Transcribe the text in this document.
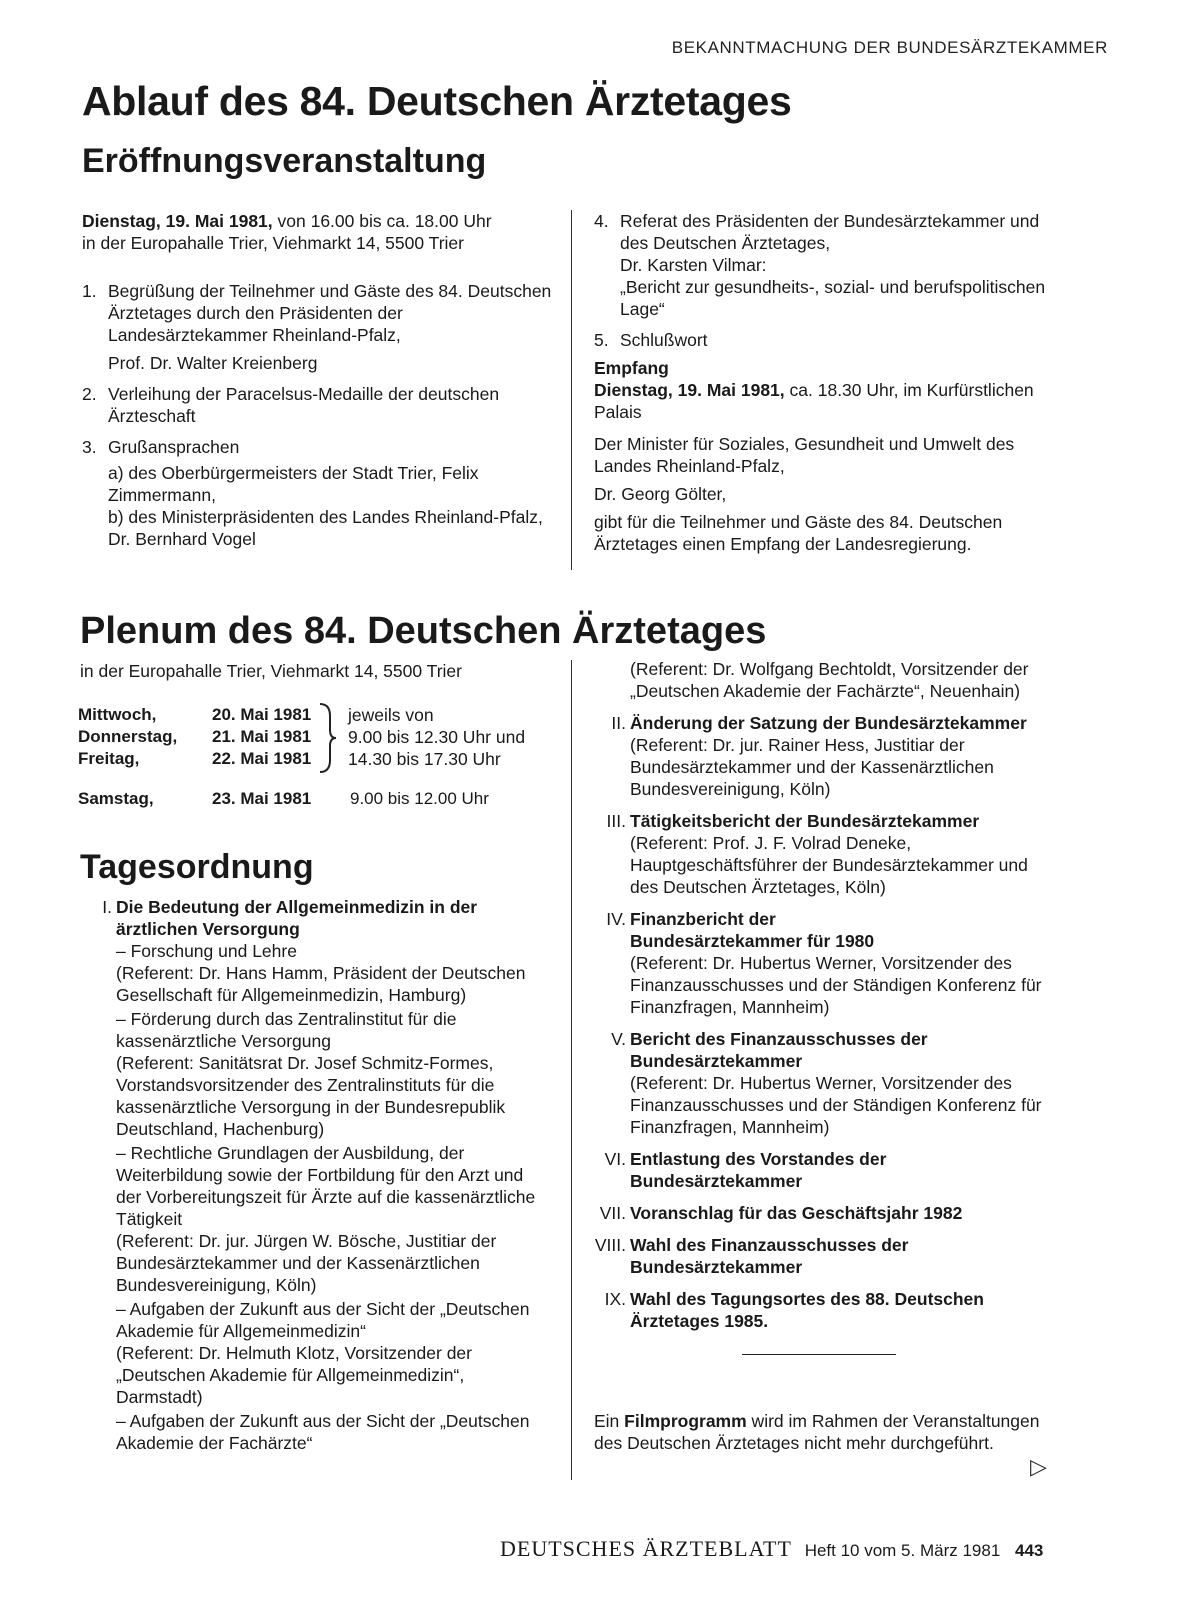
BEKANNTMACHUNG DER BUNDESÄRZTEKAMMER
Ablauf des 84. Deutschen Ärztetages
Eröffnungsveranstaltung

Dienstag, 19. Mai 1981, von 16.00 bis ca. 18.00 Uhr

in der Europahalle Trier, Viehmarkt 14, 5500 Trier

1. Begrüßung der Teilnehmer und Gäste des 84. Deutschen Ärztetages durch den Präsidenten der Landesärztekammer Rheinland-Pfalz,

Prof. Dr. Walter Kreienberg

2. Verleihung der Paracelsus-Medaille der deutschen Ärzteschaft

3. Grußansprachen

a) des Oberbürgermeisters der Stadt Trier, Felix Zimmermann,

b) des Ministerpräsidenten des Landes Rheinland-Pfalz,

Dr. Bernhard Vogel

4. Referat des Präsidenten der Bundesärztekammer und des Deutschen Ärztetages,

Dr. Karsten Vilmar:

„Bericht zur gesundheits-, sozial- und berufspolitischen Lage“

5. Schlußwort

Empfang

Dienstag, 19. Mai 1981, ca. 18.30 Uhr, im Kurfürstlichen Palais

Der Minister für Soziales, Gesundheit und Umwelt des Landes Rheinland-Pfalz,

Dr. Georg Gölter,

gibt für die Teilnehmer und Gäste des 84. Deutschen Ärztetages einen Empfang der Landesregierung.

Plenum des 84. Deutschen Ärztetages

in der Europahalle Trier, Viehmarkt 14, 5500 Trier

Mittwoch,	20. Mai 1981
Donnerstag,	21. Mai 1981
Freitag,	22. Mai 1981

jeweils von

9.00 bis 12.30 Uhr und

14.30 bis 17.30 Uhr

Samstag,	23. Mai 1981	9.00 bis 12.00 Uhr
Tagesordnung
I. Die Bedeutung der Allgemeinmedizin in der ärztlichen Versorgung

– Forschung und Lehre

(Referent: Dr. Hans Hamm, Präsident der Deutschen Gesellschaft für Allgemeinmedizin, Hamburg)

– Förderung durch das Zentralinstitut für die kassenärztliche Versorgung

(Referent: Sanitätsrat Dr. Josef Schmitz-Formes, Vorstandsvorsitzender des Zentralinstituts für die kassenärztliche Versorgung in der Bundesrepublik Deutschland, Hachenburg)

– Rechtliche Grundlagen der Ausbildung, der Weiterbildung sowie der Fortbildung für den Arzt und der Vorbereitungszeit für Ärzte auf die kassenärztliche Tätigkeit

(Referent: Dr. jur. Jürgen W. Bösche, Justitiar der Bundesärztekammer und der Kassenärztlichen Bundesvereinigung, Köln)

– Aufgaben der Zukunft aus der Sicht der „Deutschen Akademie für Allgemeinmedizin“

(Referent: Dr. Helmuth Klotz, Vorsitzender der „Deutschen Akademie für Allgemeinmedizin“, Darmstadt)

– Aufgaben der Zukunft aus der Sicht der „Deutschen Akademie der Fachärzte“

(Referent: Dr. Wolfgang Bechtoldt, Vorsitzender der „Deutschen Akademie der Fachärzte“, Neuenhain)

II. Änderung der Satzung der Bundesärztekammer

(Referent: Dr. jur. Rainer Hess, Justitiar der Bundesärztekammer und der Kassenärztlichen Bundesvereinigung, Köln)

III. Tätigkeitsbericht der Bundesärztekammer

(Referent: Prof. J. F. Volrad Deneke, Hauptgeschäftsführer der Bundesärztekammer und des Deutschen Ärztetages, Köln)

IV. Finanzbericht der Bundesärztekammer für 1980

(Referent: Dr. Hubertus Werner, Vorsitzender des Finanzausschusses und der Ständigen Konferenz für Finanzfragen, Mannheim)

V. Bericht des Finanzausschusses der Bundesärztekammer

(Referent: Dr. Hubertus Werner, Vorsitzender des Finanzausschusses und der Ständigen Konferenz für Finanzfragen, Mannheim)

VI. Entlastung des Vorstandes der Bundesärztekammer

VII. Voranschlag für das Geschäftsjahr 1982

VIII. Wahl des Finanzausschusses der Bundesärztekammer

IX. Wahl des Tagungsortes des 88. Deutschen Ärztetages 1985.

Ein Filmprogramm wird im Rahmen der Veranstaltungen des Deutschen Ärztetages nicht mehr durchgeführt.

▷
DEUTSCHES ÄRZTEBLATT Heft 10 vom 5. März 1981 443
